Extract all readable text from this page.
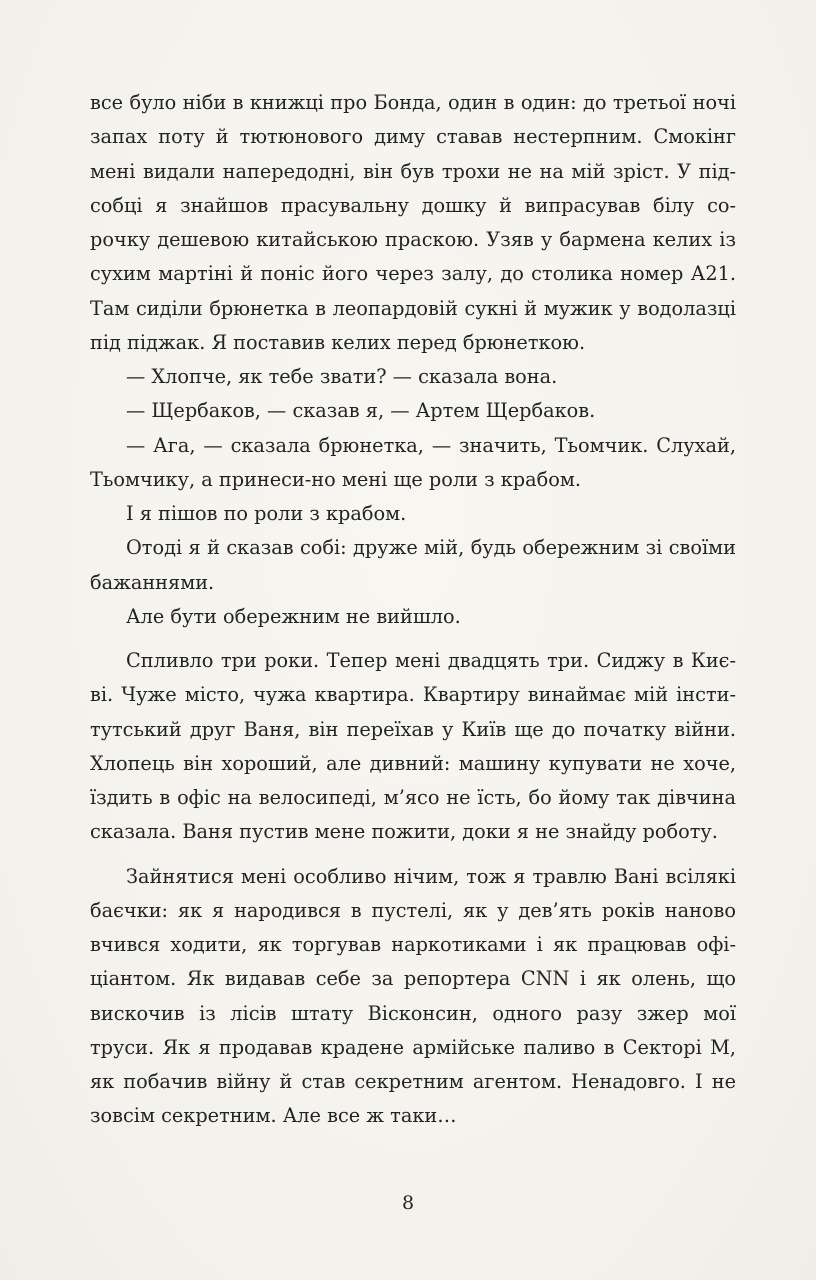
все було ніби в книжці про Бонда, один в один: до третьої ночі запах поту й тютюнового диму ставав нестерпним. Смокінг мені видали напередодні, він був трохи не на мій зріст. У підсобці я знайшов прасувальну дошку й випрасував білу сорочку дешевою китайською праскою. Узяв у бармена келих із сухим мартіні й поніс його через залу, до столика номер А21. Там сиділи брюнетка в леопардовій сукні й мужик у водолазці під піджак. Я поставив келих перед брюнеткою.

— Хлопче, як тебе звати? — сказала вона.

— Щербаков, — сказав я, — Артем Щербаков.

— Ага, — сказала брюнетка, — значить, Тьомчик. Слухай, Тьомчику, а принеси-но мені ще роли з крабом.

І я пішов по роли з крабом.

Отоді я й сказав собі: друже мій, будь обережним зі своїми бажаннями.

Але бути обережним не вийшло.

Спливло три роки. Тепер мені двадцять три. Сиджу в Києві. Чуже місто, чужа квартира. Квартиру винаймає мій інститутський друг Ваня, він переїхав у Київ ще до початку війни. Хлопець він хороший, але дивний: машину купувати не хоче, їздить в офіс на велосипеді, м’ясо не їсть, бо йому так дівчина сказала. Ваня пустив мене пожити, доки я не знайду роботу.

Зайнятися мені особливо нічим, тож я травлю Вані всілякі баєчки: як я народився в пустелі, як у дев’ять років наново вчився ходити, як торгував наркотиками і як працював офіціантом. Як видавав себе за репортера CNN і як олень, що вискочив із лісів штату Вісконсин, одного разу зжер мої труси. Як я продавав крадене армійське паливо в Секторі М, як побачив війну й став секретним агентом. Ненадовго. І не зовсім секретним. Але все ж таки…

8
